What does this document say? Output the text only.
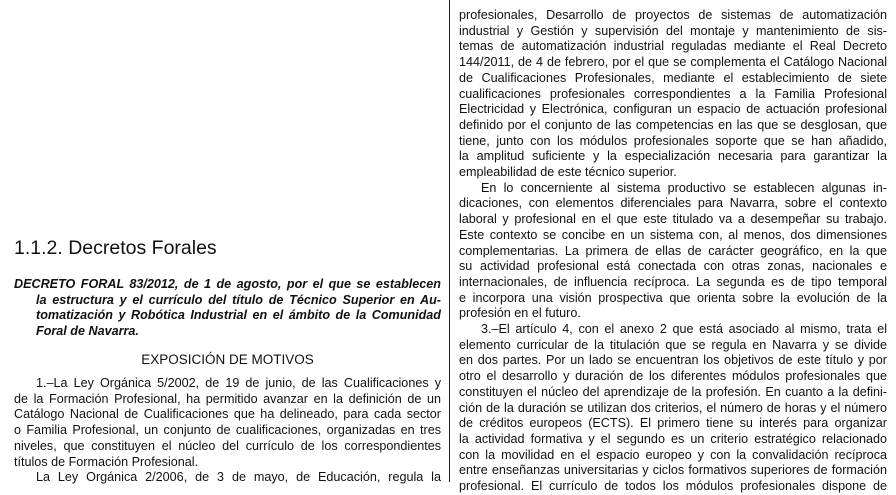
1.1.2. Decretos Forales

DECRETO FORAL 83/2012, de 1 de agosto, por el que se establecen
la estructura y el currículo del título de Técnico Superior en Au-
tomatización y Robótica Industrial en el ámbito de la Comunidad
Foral de Navarra.

EXPOSICIÓN DE MOTIVOS

1.–La Ley Orgánica 5/2002, de 19 de junio, de las Cualificaciones y
de la Formación Profesional, ha permitido avanzar en la definición de un
Catálogo Nacional de Cualificaciones que ha delineado, para cada sector
o Familia Profesional, un conjunto de cualificaciones, organizadas en tres
niveles, que constituyen el núcleo del currículo de los correspondientes
títulos de Formación Profesional.

La Ley Orgánica 2/2006, de 3 de mayo, de Educación, regula la

profesionales, Desarrollo de proyectos de sistemas de automatización
industrial y Gestión y supervisión del montaje y mantenimiento de sis-
temas de automatización industrial reguladas mediante el Real Decreto
144/2011, de 4 de febrero, por el que se complementa el Catálogo Nacional
de Cualificaciones Profesionales, mediante el establecimiento de siete
cualificaciones profesionales correspondientes a la Familia Profesional
Electricidad y Electrónica, configuran un espacio de actuación profesional
definido por el conjunto de las competencias en las que se desglosan, que
tiene, junto con los módulos profesionales soporte que se han añadido,
la amplitud suficiente y la especialización necesaria para garantizar la
empleabilidad de este técnico superior.

En lo concerniente al sistema productivo se establecen algunas in-
dicaciones, con elementos diferenciales para Navarra, sobre el contexto
laboral y profesional en el que este titulado va a desempeñar su trabajo.
Este contexto se concibe en un sistema con, al menos, dos dimensiones
complementarias. La primera de ellas de carácter geográfico, en la que
su actividad profesional está conectada con otras zonas, nacionales e
internacionales, de influencia recíproca. La segunda es de tipo temporal
e incorpora una visión prospectiva que orienta sobre la evolución de la
profesión en el futuro.

3.–El artículo 4, con el anexo 2 que está asociado al mismo, trata el
elemento curricular de la titulación que se regula en Navarra y se divide
en dos partes. Por un lado se encuentran los objetivos de este título y por
otro el desarrollo y duración de los diferentes módulos profesionales que
constituyen el núcleo del aprendizaje de la profesión. En cuanto a la defini-
ción de la duración se utilizan dos criterios, el número de horas y el número
de créditos europeos (ECTS). El primero tiene su interés para organizar
la actividad formativa y el segundo es un criterio estratégico relacionado
con la movilidad en el espacio europeo y con la convalidación recíproca
entre enseñanzas universitarias y ciclos formativos superiores de formación
profesional. El currículo de todos los módulos profesionales dispone de
